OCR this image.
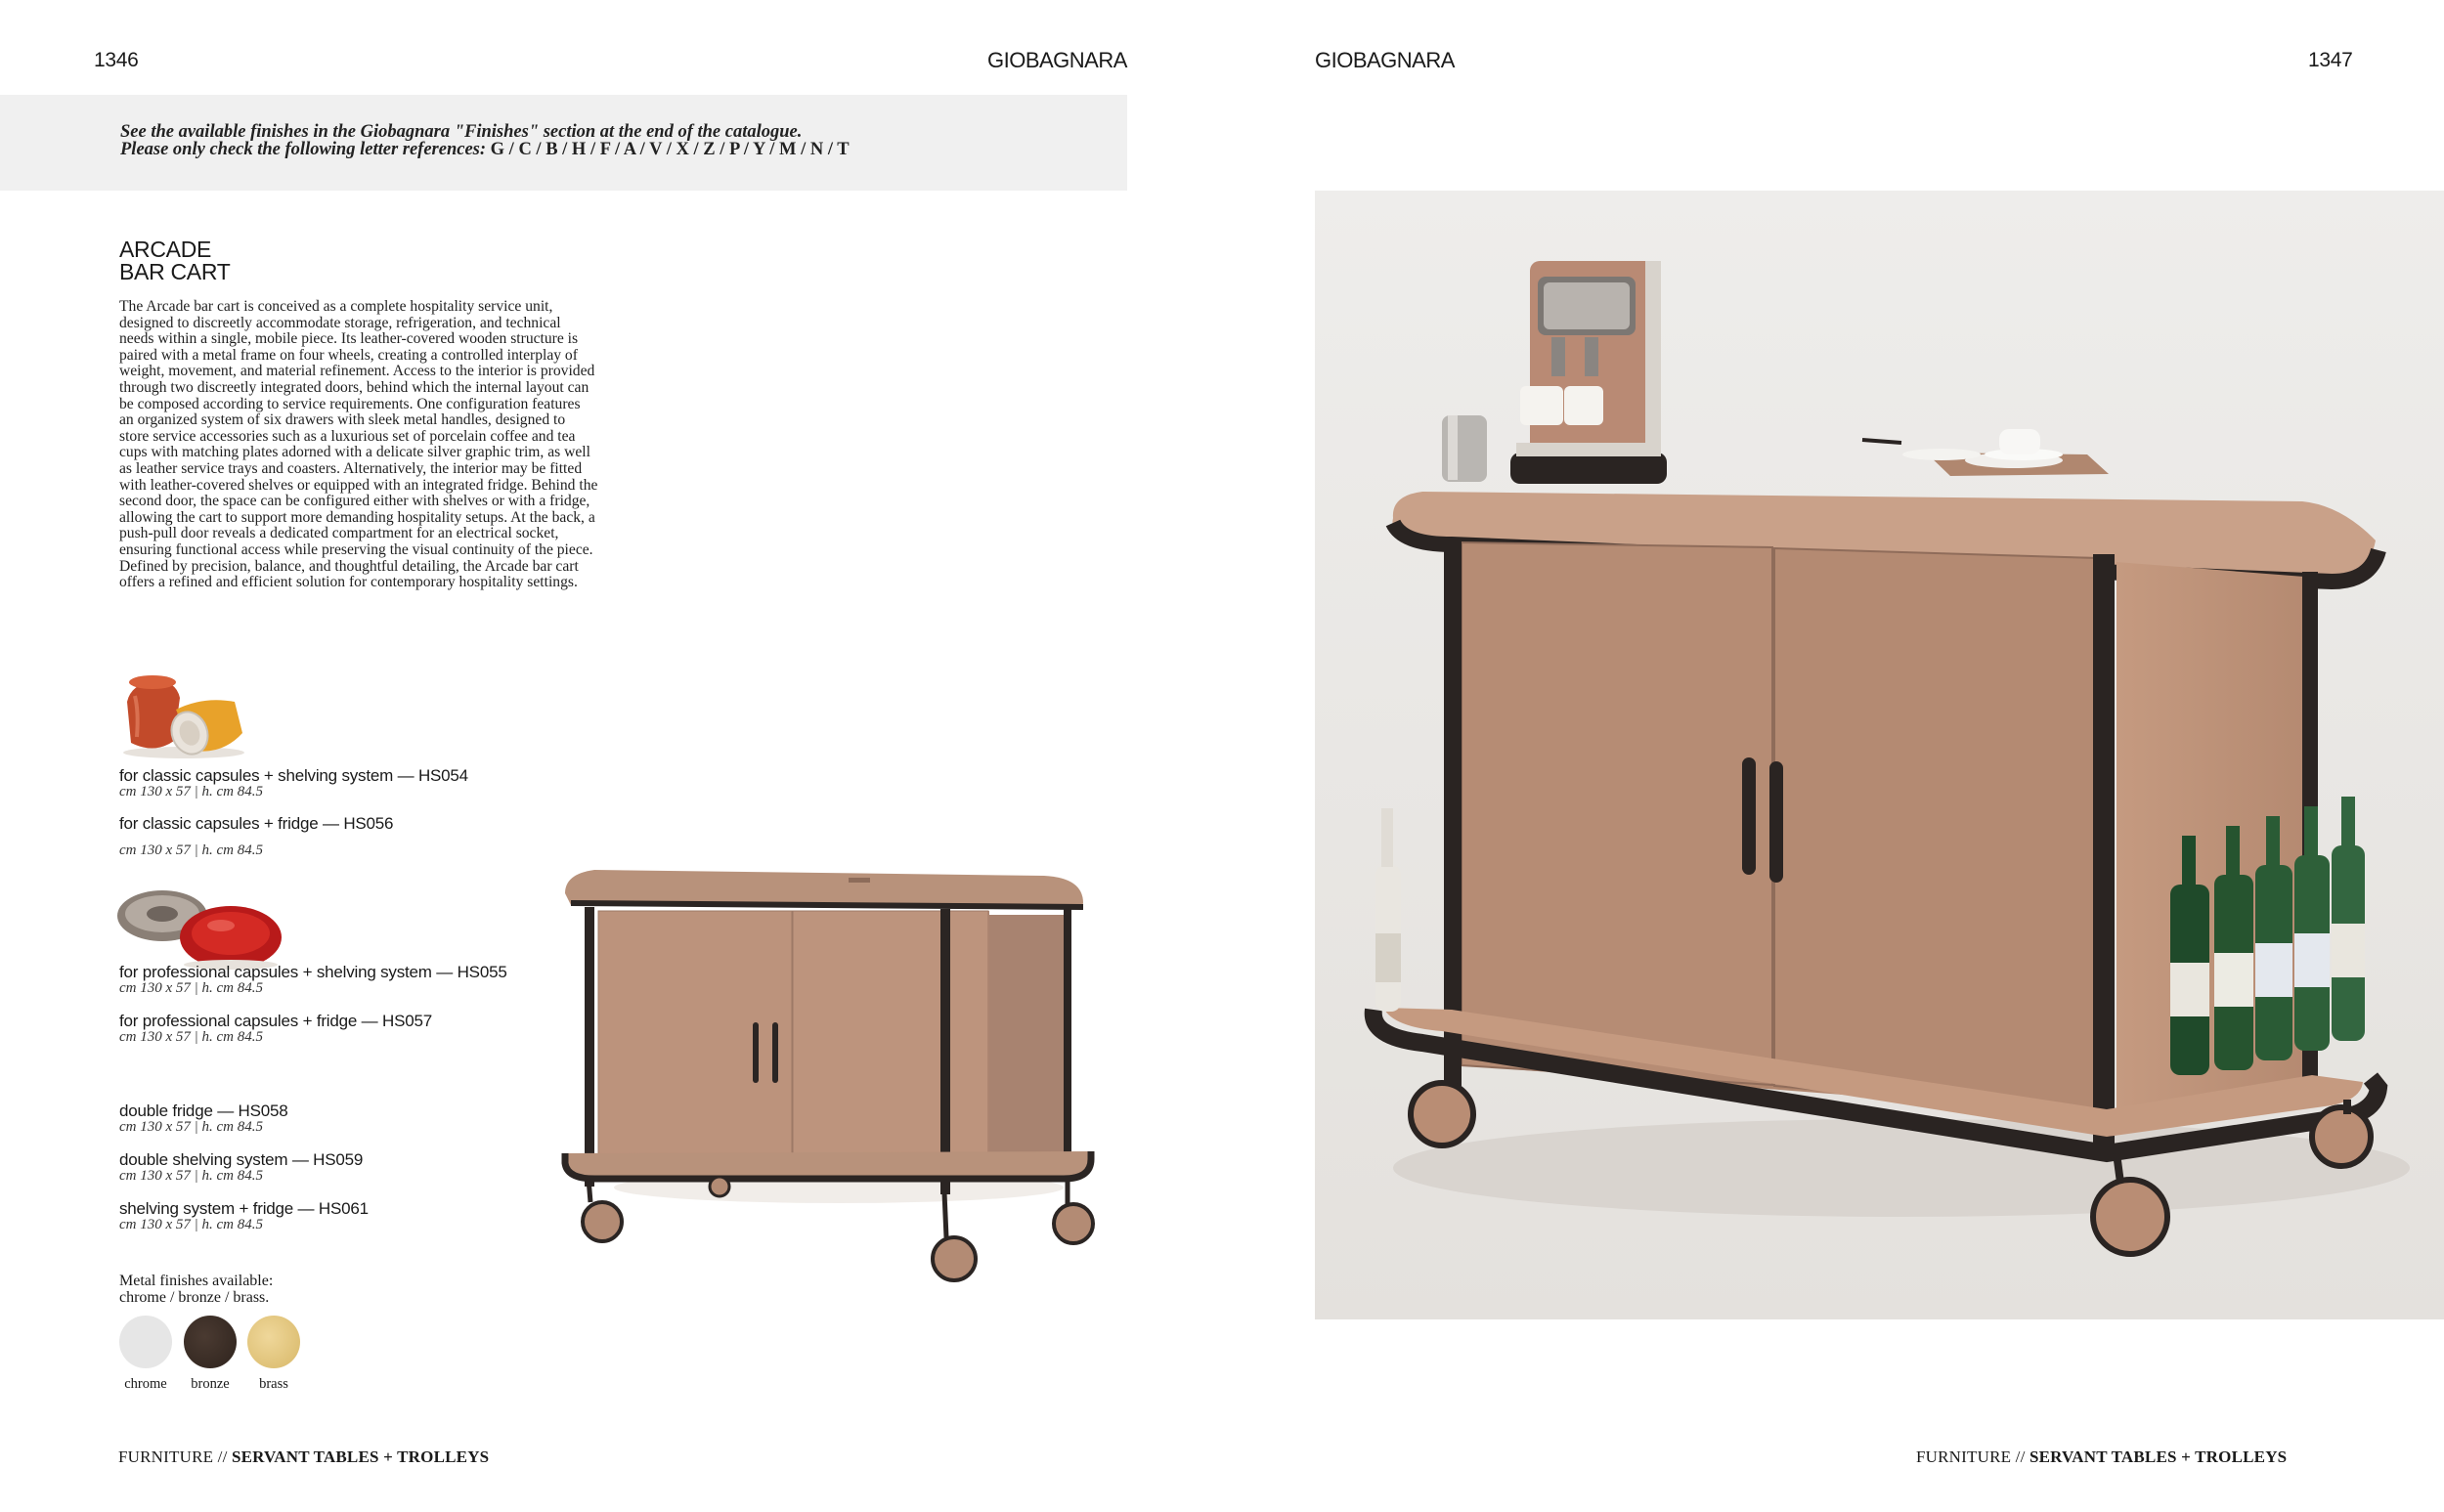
1346	GIOBAGNARA
See the available finishes in the Giobagnara "Finishes" section at the end of the catalogue.
Please only check the following letter references: G / C / B / H / F / A / V / X / Z / P / Y / M / N / T
ARCADE
BAR CART
The Arcade bar cart is conceived as a complete hospitality service unit, designed to discreetly accommodate storage, refrigeration, and technical needs within a single, mobile piece. Its leather-covered wooden structure is paired with a metal frame on four wheels, creating a controlled interplay of weight, movement, and material refinement. Access to the interior is provided through two discreetly integrated doors, behind which the internal layout can be composed according to service requirements. One configuration features an organized system of six drawers with sleek metal handles, designed to store service accessories such as a luxurious set of porcelain coffee and tea cups with matching plates adorned with a delicate silver graphic trim, as well as leather service trays and coasters. Alternatively, the interior may be fitted with leather-covered shelves or equipped with an integrated fridge. Behind the second door, the space can be configured either with shelves or with a fridge, allowing the cart to support more demanding hospitality setups. At the back, a push-pull door reveals a dedicated compartment for an electrical socket, ensuring functional access while preserving the visual continuity of the piece. Defined by precision, balance, and thoughtful detailing, the Arcade bar cart offers a refined and efficient solution for contemporary hospitality settings.
for classic capsules + shelving system — HS054
cm 130 x 57 | h. cm 84.5
for classic capsules + fridge — HS056
cm 130 x 57 | h. cm 84.5
for professional capsules + shelving system — HS055
cm 130 x 57 | h. cm 84.5
for professional capsules + fridge — HS057
cm 130 x 57 | h. cm 84.5
double fridge — HS058
cm 130 x 57 | h. cm 84.5
double shelving system — HS059
cm 130 x 57 | h. cm 84.5
shelving system + fridge — HS061
cm 130 x 57 | h. cm 84.5
Metal finishes available:
chrome / bronze / brass.
chrome	bronze	brass
FURNITURE // SERVANT TABLES + TROLLEYS
GIOBAGNARA	1347
FURNITURE // SERVANT TABLES + TROLLEYS
